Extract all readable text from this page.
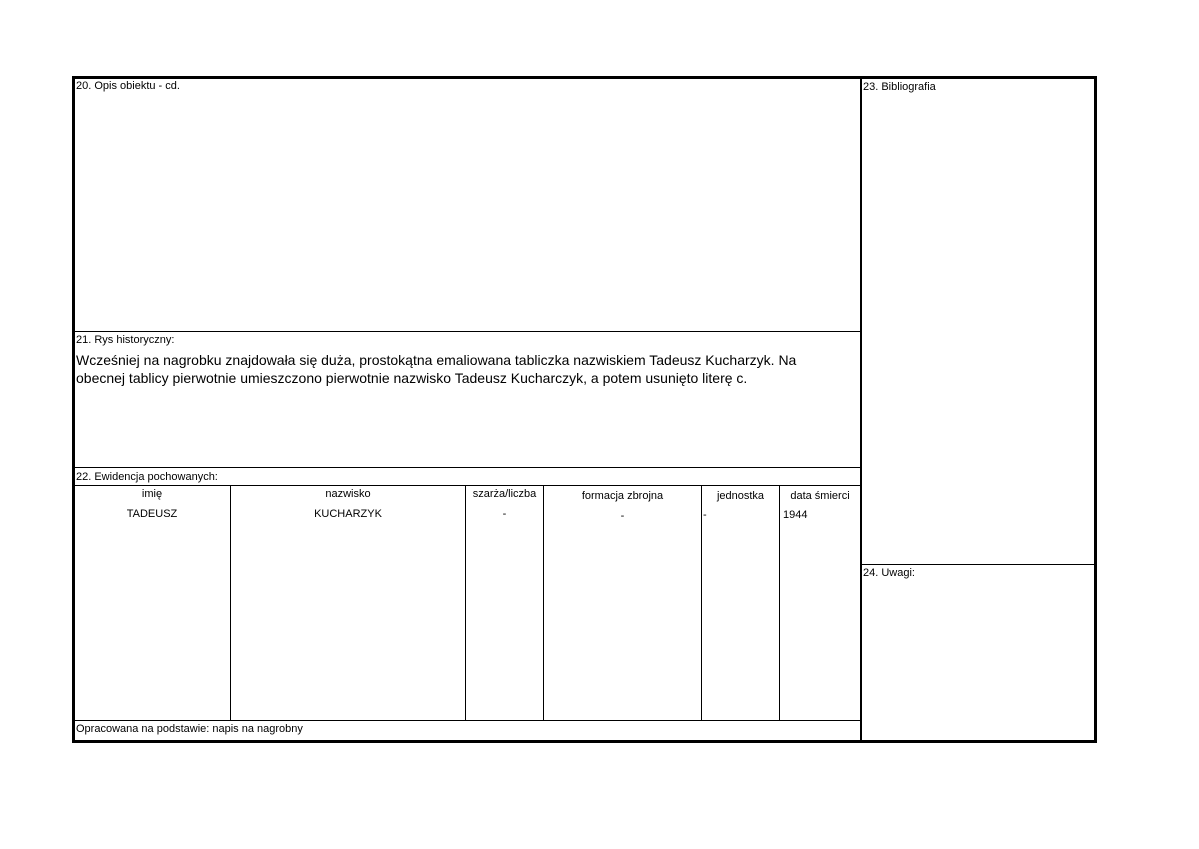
20. Opis obiektu - cd.
21. Rys historyczny:
Wcześniej na nagrobku znajdowała się duża, prostokątna emaliowana tabliczka nazwiskiem Tadeusz Kucharzyk. Na
obecnej tablicy pierwotnie umieszczono pierwotnie nazwisko Tadeusz Kucharczyk, a potem usunięto literę c.
22. Ewidencja pochowanych:
23. Bibliografia
24. Uwagi:
imię	nazwisko	szarża/liczba	formacja zbrojna	jednostka	data śmierci
TADEUSZ	KUCHARZYK	-	-	-	1944
Opracowana na podstawie: napis na nagrobny
